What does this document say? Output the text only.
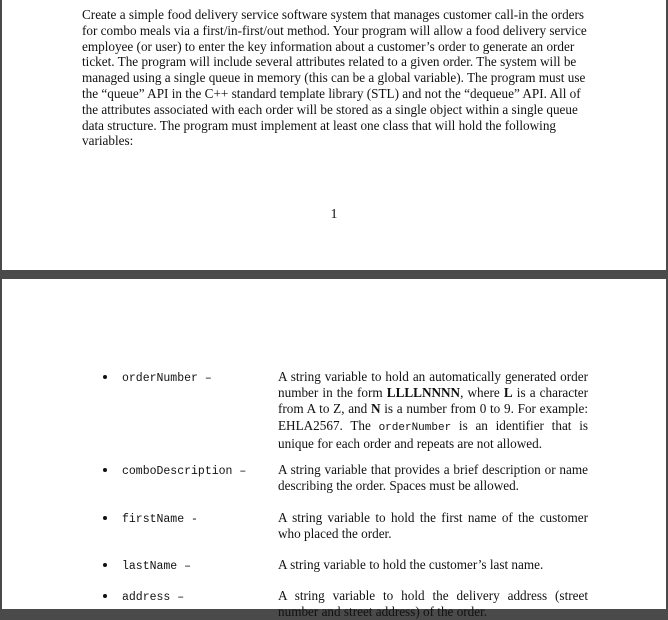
Create a simple food delivery service software system that manages customer call-in the orders for combo meals via a first/in-first/out method. Your program will allow a food delivery service employee (or user) to enter the key information about a customer’s order to generate an order ticket. The program will include several attributes related to a given order. The system will be managed using a single queue in memory (this can be a global variable). The program must use the “queue” API in the C++ standard template library (STL) and not the “dequeue” API. All of the attributes associated with each order will be stored as a single object within a single queue data structure. The program must implement at least one class that will hold the following variables:

1
orderNumber –	A string variable to hold an automatically generated order number in the form LLLLNNNN, where L is a character from A to Z, and N is a number from 0 to 9. For example: EHLA2567. The orderNumber is an identifier that is unique for each order and repeats are not allowed.
comboDescription – A string variable that provides a brief description or name describing the order. Spaces must be allowed.
firstName -	A string variable to hold the first name of the customer who placed the order.
lastName –	A string variable to hold the customer’s last name.
address –	A string variable to hold the delivery address (street number and street address) of the order.
